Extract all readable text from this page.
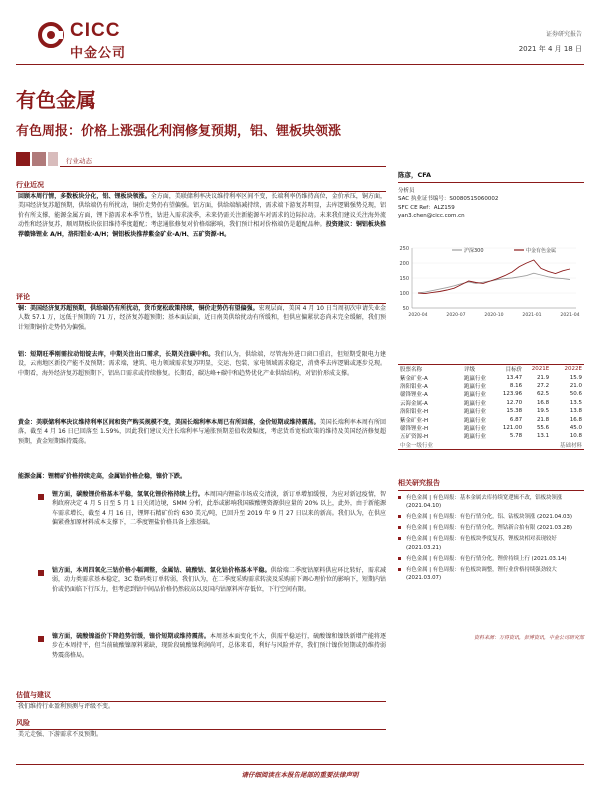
CICC
中金公司
证券研究报告
2021 年 4 月 18 日
有色金属
有色周报：价格上涨强化利润修复预期，铝、锂板块领涨
行业动态
行业近况
回顾本周行情，多数板块分化，铝、锂板块领涨。全方面，美联储利率决议维持利率区间不变，长端利率仍维持高位，金价承压，铜方面，美国经济复苏超预期，供给端仍有所扰动，铜价走势仍有望偏强。铝方面，供给端缩减持续，需求端下游复苏明显，去库逻辑强势兑现，铝价有所支撑，能源金属方面，锂下游需求本季节性，钴进入需求淡季，未来仍需关注新能源车对需求的边际拉动。未来我们建议关注海外流动性和经济复苏，顺周期板块依旧维持季度超配；考虑通胀修复对价格端影响，我们预计相对价格端仍是超配品种。投资建议：铜铝板块推荐赣锋锂业 A/H，洛阳钼业-A/H；铜铝板块推荐紫金矿业-A/H、五矿资源-H。
评论
铜：美国经济复苏超预期，供给端仍有所扰动，货币宽松政策持续，铜价走势仍有望偏强。宏观层面，美国 4 月 10 日当周初次申请失业金人数 57.1 万，远低于预期的 71 万，经济复苏超预期；基本面层面，近日南美供给扰动有所缓和，但供应偏紧状态尚未完全缓解，我们预计短期铜价走势仍为偏强。
铝：短期旺季刚需拉动铝锭去库，中期关注出口需求，长期关注碳中和。我们认为，供给端，尽管海外进口窗口重启，但短期受限电力建设，云南地区新投产能不及预期；需求端，建筑、电力领域需求复苏明显，交运、包装、家电领域需求稳定，消费季去库逻辑或逐步兑现。中期看，海外经济复苏超预期下，铝出口需求或持续修复。长期看，碳达峰+碳中和趋势优化产业供给结构，对铝价形成支撑。
黄金：美联储利率决议维持利率区间和资产购买规模不变，美国长端利率本周已有所回落，金价短期或维持震荡。美国长端利率本周有所回落，截至 4 月 16 日已回落至 1.59%，因此我们建议关注长端利率与通胀预期差值收敛幅度，考虑货币宽松政策的维持及美国经济修复超预期，黄金短期维持震荡。
能源金属：锂精矿价格持续走高，金属钴价格企稳，镍价下跌。
锂方面，碳酸锂价格基本平稳，氢氧化锂价格持续上行。本周国内锂盐市场成交清淡，新订单增加缓慢，为应对新冠疫情，智利政府决定 4 月 5 日至 5 月 1 日关闭边境，SMM 分析，此举或影响我国碳酸锂资源供应量的 20% 以上，此外，由于新能源车需求增长，截至 4 月 16 日，锂辉石精矿价约 630 美元/吨，已回升至 2019 年 9 月 27 日以来的新高。我们认为，在供应偏紧叠加原材料成本支撑下，二季度锂盐价格具备上涨基础。
钴方面，本周四氧化三钴价格小幅调整，金属钴、硫酸钴、氯化钴价格基本平稳。供给端二季度钴原料供应环比转好，需求减弱，动力类需求基本稳定，3C 数码类订单转弱，我们认为，在二季度采购需求转淡及采购前下调心理价位的影响下，短期内钴价或仍面临下行压力，但考虑到钴中间品价格仍然较高以及国内钴原料库存低位，下行空间有限。
镍方面，硫酸镍溢价下降趋势衍缓，镍价短期或维持震荡。本周基本面变化不大，供需平稳运行，硫酸镍和镍铁新增产能将逐步在本周持平，但当前硫酸镍原料紧缺，现阶段硫酸镍利润尚可，总体来看，利好与风险并存，我们预计镍价短期或仍维持弱势震荡格局。
估值与建议
我们维持行业盈利预测与评级不变。
风险
美元走强、下游需求不及预期。
陈彦，CFA
分析员
SAC 执业证书编号：S0080515060002
SFC CE Ref：ALZ159
yan3.chen@cicc.com.cn
50
100
150
200
250
2020-04	2020-07	2020-10	2021-01	2021-04
沪深300	中金有色金属
股票名称	评级	目标价	2021E	2022E
紫金矿业-A	跑赢行业	13.47	21.9	15.9
洛阳钼业-A	跑赢行业	8.16	27.2	21.0
赣锋锂业-A	跑赢行业	123.96	62.5	50.6
云海金属-A	跑赢行业	12.70	16.8	13.5
洛阳钼业-H	跑赢行业	15.38	19.5	13.8
紫金矿业-H	跑赢行业	6.87	21.8	16.8
赣锋锂业-H	跑赢行业	121.00	55.6	45.0
五矿资源-H	跑赢行业	5.78	13.1	10.8
中金一级行业				基础材料
相关研究报告
有色金属 | 有色周报：基本金属去库持续宽逻辑不改，铝板块领涨 (2021.04.10)
有色金属 | 有色周报：有色行情分化，铝、钴板块领涨 (2021.04.03)
有色金属 | 有色周报：有色行情分化，锂钴新合拍有限 (2021.03.28)
有色金属 | 有色周报：有色板块季度复苏，锂板块相对表现较好 (2021.03.21)
有色金属 | 有色周报：有色行情分化，锂价持续上行 (2021.03.14)
有色金属 | 有色周报：有色板块调整，锂行业价格持续强劲较大 (2021.03.07)
资料来源：万得资讯，彭博资讯，中金公司研究部
请仔细阅读在本报告尾部的重要法律声明
